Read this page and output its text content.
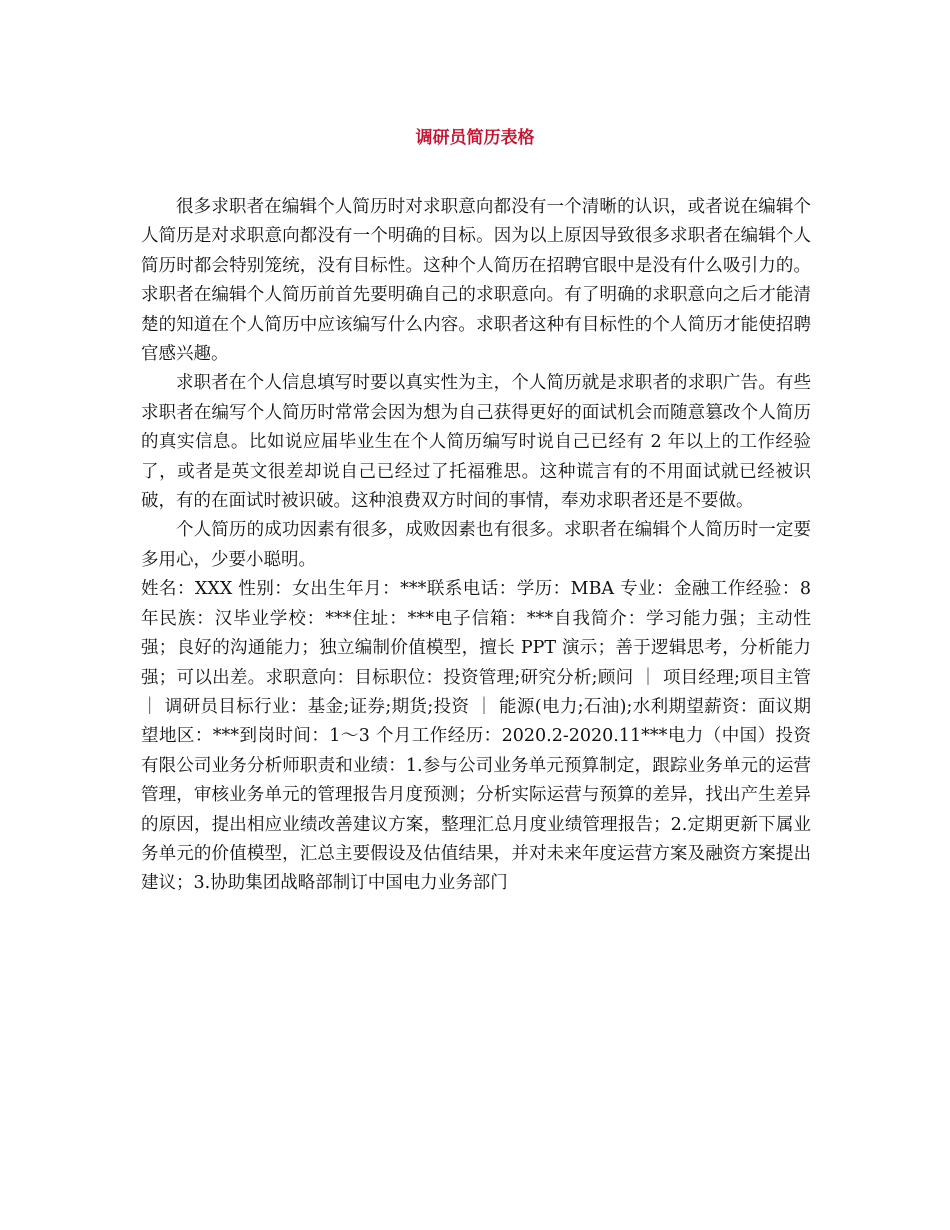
调研员简历表格

很多求职者在编辑个人简历时对求职意向都没有一个清晰的认识，或者说在编辑个人简历是对求职意向都没有一个明确的目标。因为以上原因导致很多求职者在编辑个人简历时都会特别笼统，没有目标性。这种个人简历在招聘官眼中是没有什么吸引力的。求职者在编辑个人简历前首先要明确自己的求职意向。有了明确的求职意向之后才能清楚的知道在个人简历中应该编写什么内容。求职者这种有目标性的个人简历才能使招聘官感兴趣。

求职者在个人信息填写时要以真实性为主，个人简历就是求职者的求职广告。有些求职者在编写个人简历时常常会因为想为自己获得更好的面试机会而随意篡改个人简历的真实信息。比如说应届毕业生在个人简历编写时说自己已经有 2 年以上的工作经验了，或者是英文很差却说自己已经过了托福雅思。这种谎言有的不用面试就已经被识破，有的在面试时被识破。这种浪费双方时间的事情，奉劝求职者还是不要做。

个人简历的成功因素有很多，成败因素也有很多。求职者在编辑个人简历时一定要多用心，少要小聪明。

姓名：XXX 性别：女出生年月：***联系电话：学历：MBA 专业：金融工作经验：8年民族：汉毕业学校：***住址：***电子信箱：***自我简介：学习能力强；主动性强；良好的沟通能力；独立编制价值模型，擅长 PPT 演示；善于逻辑思考，分析能力强；可以出差。求职意向：目标职位：投资管理;研究分析;顾问 ｜ 项目经理;项目主管 ｜ 调研员目标行业：基金;证券;期货;投资 ｜ 能源(电力;石油);水利期望薪资：面议期望地区：***到岗时间：1～3 个月工作经历：2020.2-2020.11***电力（中国）投资有限公司业务分析师职责和业绩：1.参与公司业务单元预算制定，跟踪业务单元的运营管理，审核业务单元的管理报告月度预测；分析实际运营与预算的差异，找出产生差异的原因，提出相应业绩改善建议方案，整理汇总月度业绩管理报告；2.定期更新下属业务单元的价值模型，汇总主要假设及估值结果，并对未来年度运营方案及融资方案提出建议；3.协助集团战略部制订中国电力业务部门
